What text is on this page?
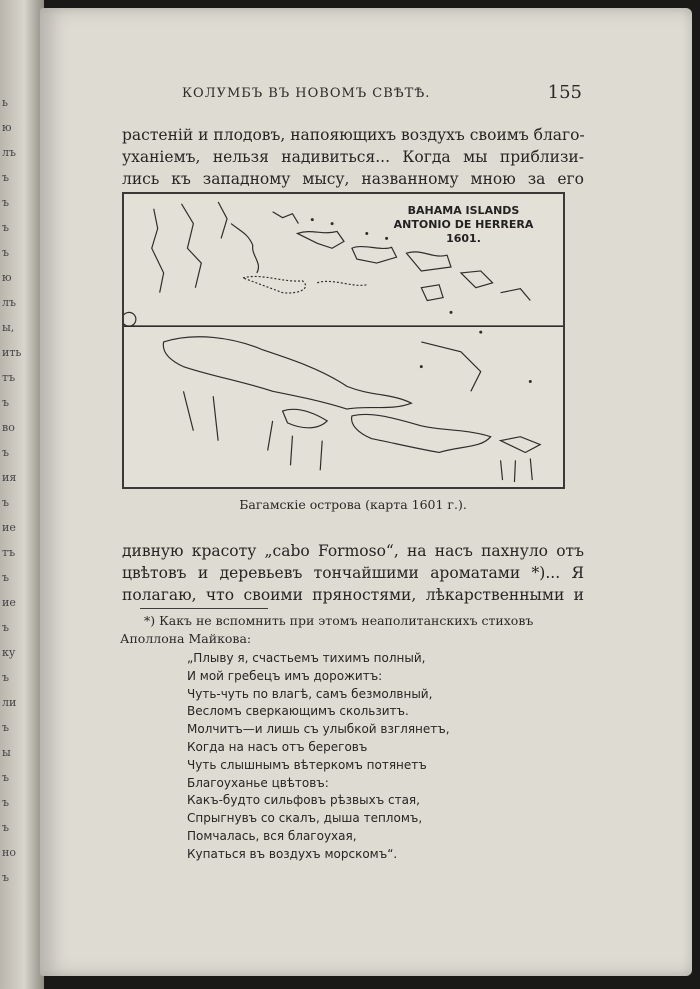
ь
ю
лъ
ъ
ъ
ъ
ъ
ю
лъ
ы,
ить
тъ
ъ
во
ъ
ия
ъ
ие
тъ
ъ
ие
ъ
ку
ъ
ли
ъ
ы
ъ
ъ
ъ
но
ъ
КОЛУМБЪ ВЪ НОВОМЪ СВѢТѢ.	155
растенiй и плодовъ, напояющихъ воздухъ своимъ благо-
уханiемъ, нельзя надивиться... Когда мы приблизи-
лись къ западному мысу, названному мною за его
BAHAMA ISLANDS
ANTONIO DE HERRERA
1601.
Багамскiе острова (карта 1601 г.).
дивную красоту „cabo Formoso“, на насъ пахнуло отъ
цвѣтовъ и деревьевъ тончайшими ароматами *)... Я
полагаю, что своими пряностями, лѣкарственными и
*) Какъ не вспомнить при этомъ неаполитанскихъ стиховъ
Аполлона Майкова:
„Плыву я, счастьемъ тихимъ полный,
И мой гребецъ имъ дорожитъ:
Чуть-чуть по влагѣ, самъ безмолвный,
Весломъ сверкающимъ скользитъ.
Молчитъ—и лишь съ улыбкой взглянетъ,
Когда на насъ отъ береговъ
Чуть слышнымъ вѣтеркомъ потянетъ
Благоуханье цвѣтовъ:
Какъ-будто сильфовъ рѣзвыхъ стая,
Спрыгнувъ со скалъ, дыша тепломъ,
Помчалась, вся благоухая,
Купаться въ воздухъ морскомъ“.
